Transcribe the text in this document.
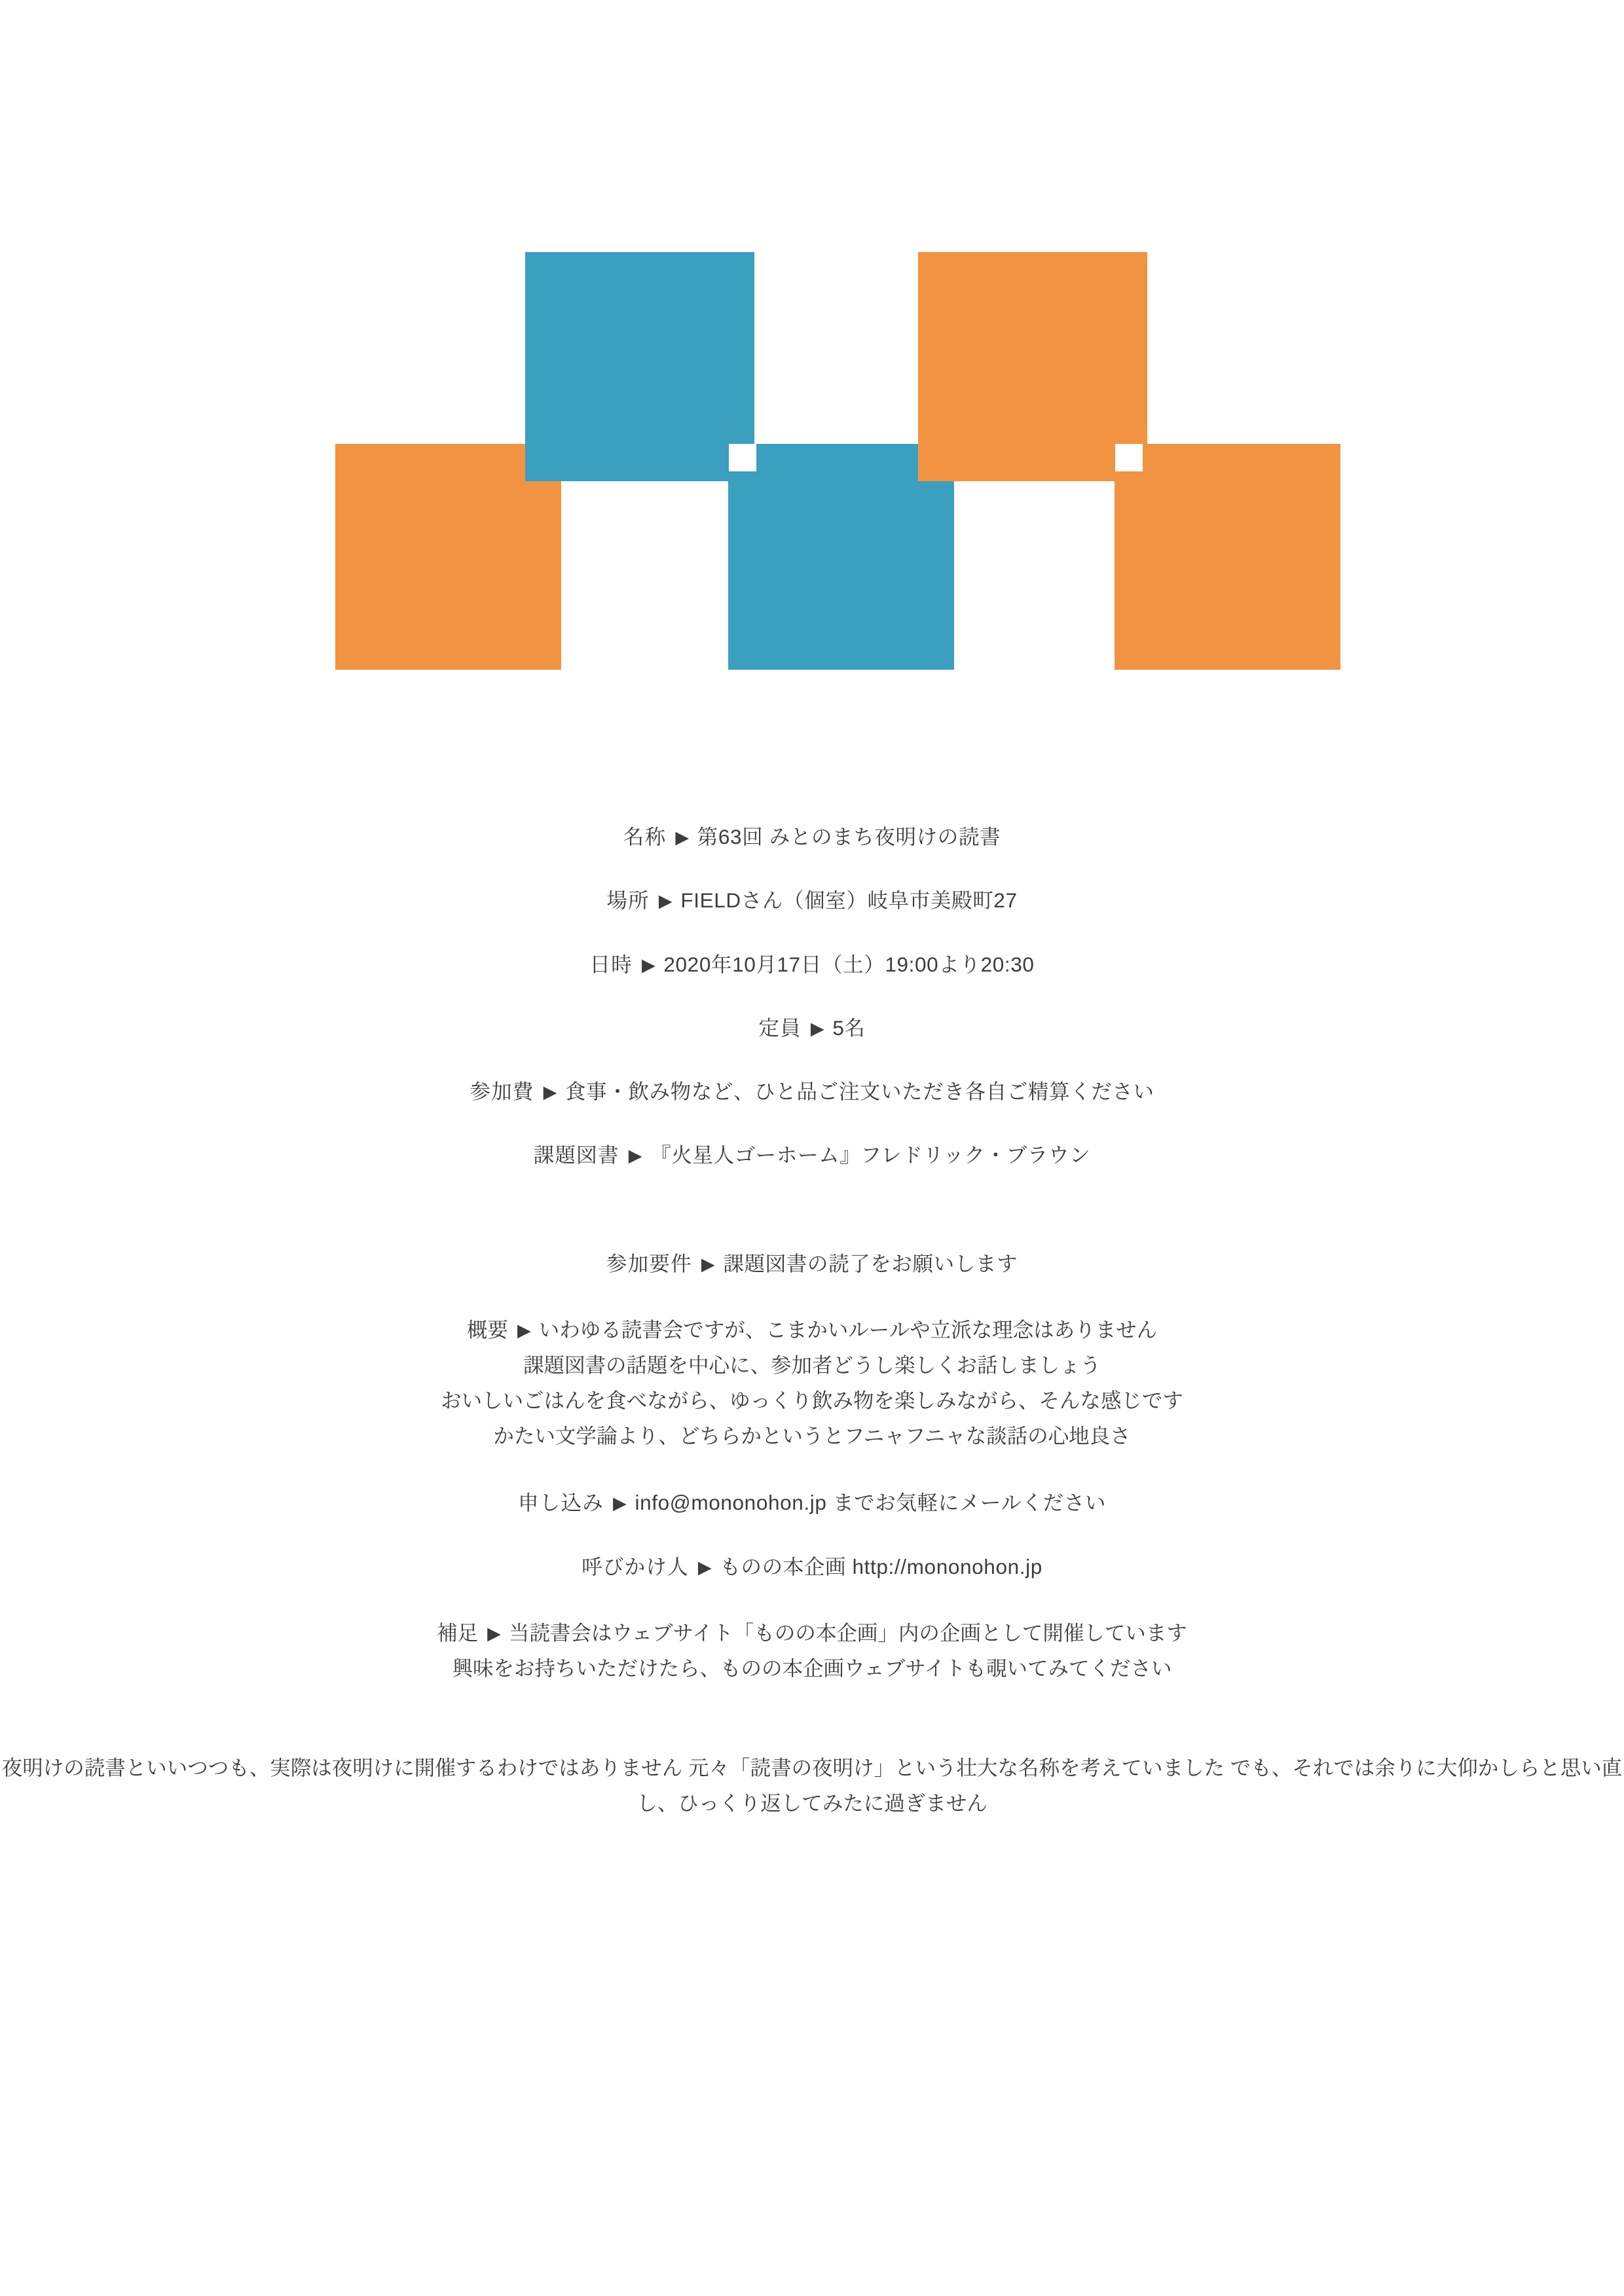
名称 ▶ 第63回 みとのまち夜明けの読書

場所 ▶ FIELDさん（個室）岐阜市美殿町27

日時 ▶ 2020年10月17日（土）19:00より20:30

定員 ▶ 5名

参加費 ▶ 食事・飲み物など、ひと品ご注文いただき各自ご精算ください

課題図書 ▶ 『火星人ゴーホーム』フレドリック・ブラウン

参加要件 ▶ 課題図書の読了をお願いします

概要 ▶ いわゆる読書会ですが、こまかいルールや立派な理念はありません
課題図書の話題を中心に、参加者どうし楽しくお話しましょう
おいしいごはんを食べながら、ゆっくり飲み物を楽しみながら、そんな感じです
かたい文学論より、どちらかというとフニャフニャな談話の心地良さ

申し込み ▶ info@mononohon.jp までお気軽にメールください

呼びかけ人 ▶ ものの本企画 http://mononohon.jp

補足 ▶ 当読書会はウェブサイト「ものの本企画」内の企画として開催しています
興味をお持ちいただけたら、ものの本企画ウェブサイトも覗いてみてください

夜明けの読書といいつつも、実際は夜明けに開催するわけではありません 元々「読書の夜明け」という壮大な名称を考えていました でも、それでは余りに大仰かしらと思い直し、ひっくり返してみたに過ぎません
